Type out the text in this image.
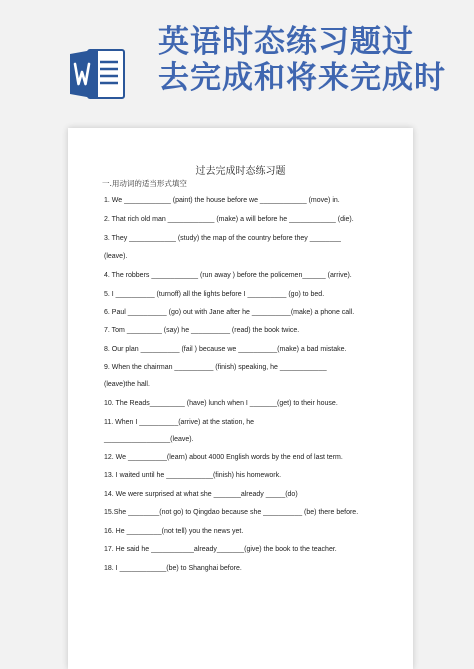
英语时态练习题过
去完成和将来完成时
过去完成时态练习题
一.用动词的适当形式填空
1. We ____________ (paint) the house before we ____________ (move) in.
2. That rich old man ____________ (make) a will before he ____________ (die).
3. They ____________ (study) the map of the country before they ________
(leave).
4. The robbers ____________ (run away ) before the policemen______ (arrive).
5. I __________ (turnoff) all the lights before I __________ (go) to bed.
6. Paul __________ (go) out with Jane after he __________(make) a phone call.
7. Tom _________ (say) he __________ (read) the book twice.
8. Our plan __________ (fail ) because we __________(make) a bad mistake.
9. When the chairman __________ (finish) speaking, he ____________
(leave)the hall.
10. The Reads_________ (have) lunch when I _______(get) to their house.
11. When I __________(arrive) at the station, he
_________________(leave).
12. We __________(learn) about 4000 English words by the end of last term.
13. I waited until he ____________(finish) his homework.
14. We were surprised at what she _______already _____(do)
15.She ________(not go) to Qingdao because she __________ (be) there before.
16. He _________(not tell) you the news yet.
17. He said he ___________already_______(give) the book to the teacher.
18. I ____________(be) to Shanghai before.
